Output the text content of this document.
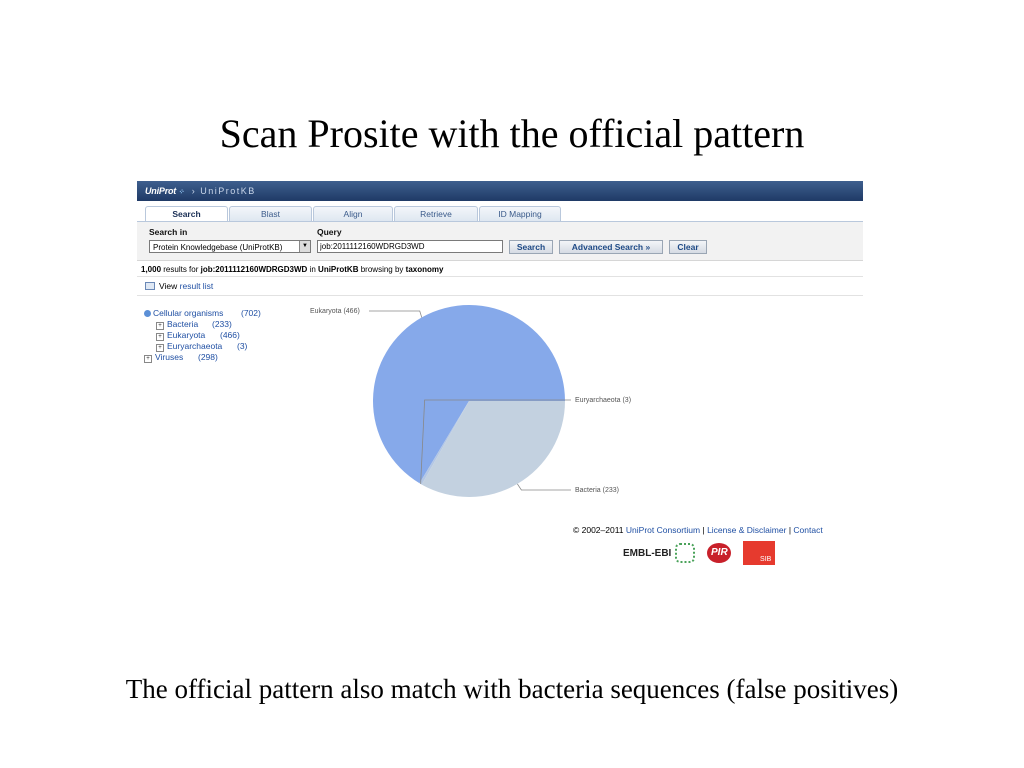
Scan Prosite with the official pattern
UniProt ⁘ › UniProtKB
Search	Blast	Align	Retrieve	ID Mapping
Search in	Query
Protein Knowledgebase (UniProtKB)	▼
job:2011112160WDRGD3WD	Search	Advanced Search »	Clear
1,000 results for job:2011112160WDRGD3WD in UniProtKB browsing by taxonomy
View
result list
Cellular organisms (702)
+ Bacteria (233)
+ Eukaryota (466)
+ Euryarchaeota (3)
+ Viruses (298)
Eukaryota (466)
Euryarchaeota (3)
Bacteria (233)
© 2002–2011 UniProt Consortium | License & Disclaimer | Contact
EMBL-EBI	PIR
SIB
The official pattern also match with bacteria sequences (false positives)
